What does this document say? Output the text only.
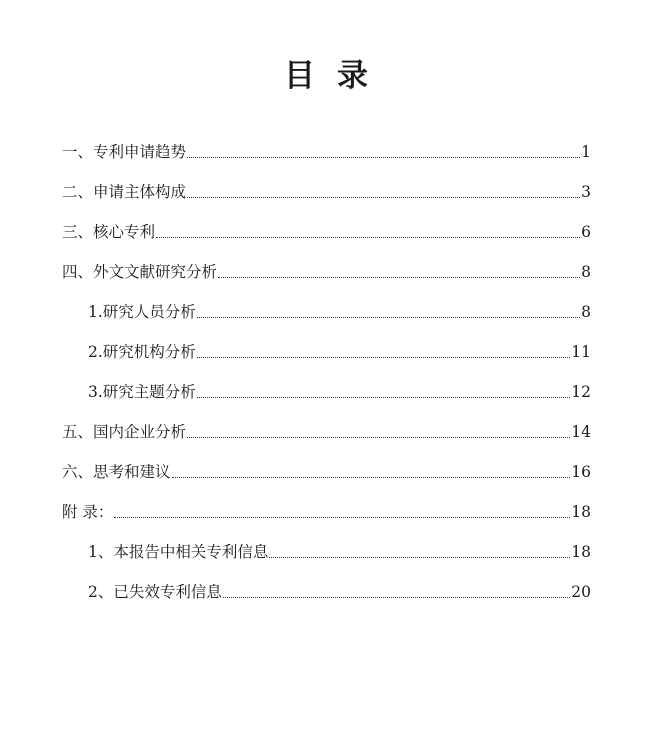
目 录
一、专利申请趋势	1
二、申请主体构成	3
三、核心专利	6
四、外文文献研究分析	8
1.研究人员分析	8
2.研究机构分析	11
3.研究主题分析	12
五、国内企业分析	14
六、思考和建议	16
附 录：	18
1、本报告中相关专利信息	18
2、已失效专利信息	20
